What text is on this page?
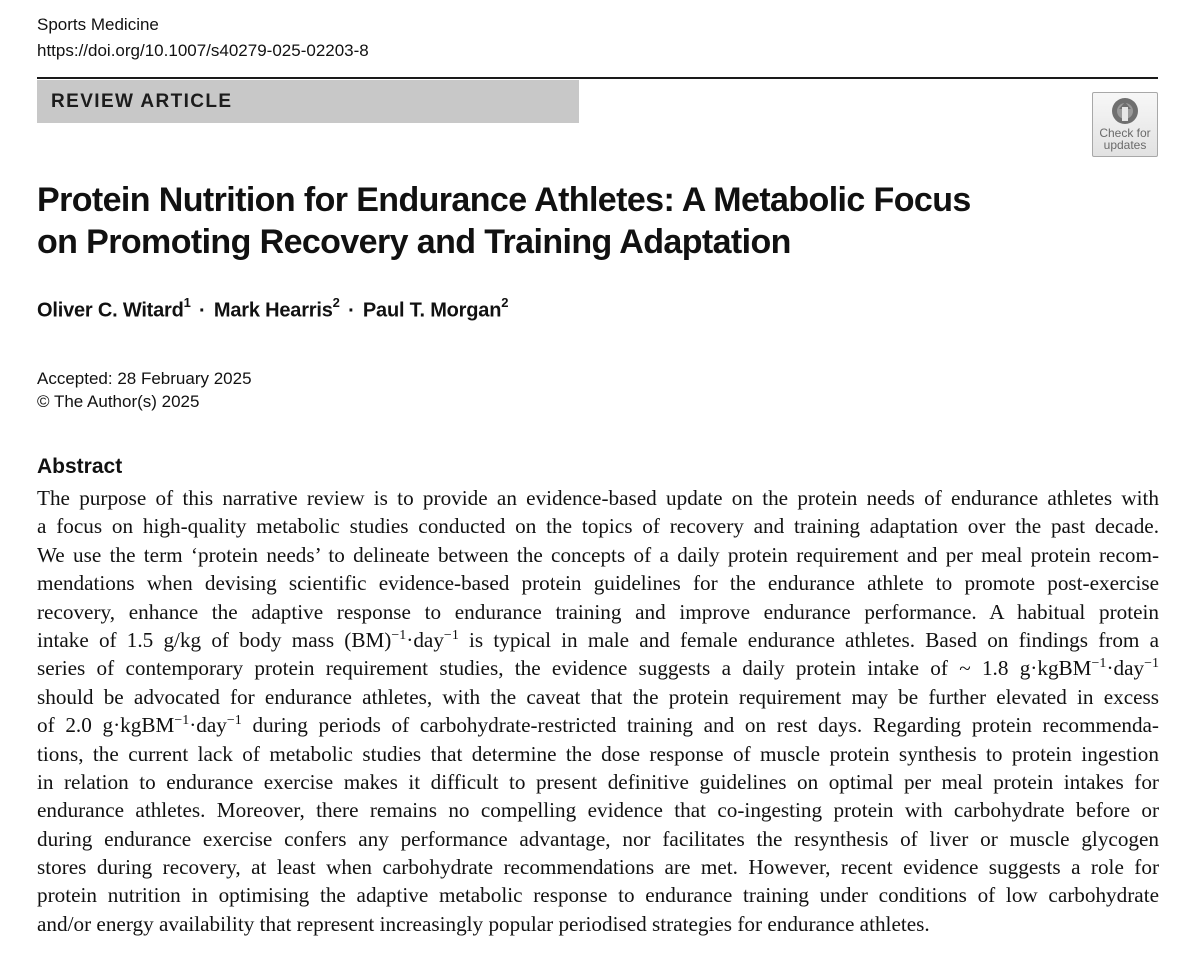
Sports Medicine
https://doi.org/10.1007/s40279-025-02203-8
REVIEW ARTICLE
Check for
updates
Protein Nutrition for Endurance Athletes: A Metabolic Focus
on Promoting Recovery and Training Adaptation
Oliver C. Witard$^1$ · Mark Hearris$^2$ · Paul T. Morgan$^2$
Accepted: 28 February 2025
© The Author(s) 2025
Abstract
The purpose of this narrative review is to provide an evidence-based update on the protein needs of endurance athletes with
a focus on high-quality metabolic studies conducted on the topics of recovery and training adaptation over the past decade.
We use the term ‘protein needs’ to delineate between the concepts of a daily protein requirement and per meal protein recom-
mendations when devising scientific evidence-based protein guidelines for the endurance athlete to promote post-exercise
recovery, enhance the adaptive response to endurance training and improve endurance performance. A habitual protein
intake of 1.5 g/kg of body mass (BM)$^{-1}$·day$^{-1}$ is typical in male and female endurance athletes. Based on findings from a
series of contemporary protein requirement studies, the evidence suggests a daily protein intake of ~ 1.8 g·kgBM$^{-1}$·day$^{-1}$
should be advocated for endurance athletes, with the caveat that the protein requirement may be further elevated in excess
of 2.0 g·kgBM$^{-1}$·day$^{-1}$ during periods of carbohydrate-restricted training and on rest days. Regarding protein recommenda-
tions, the current lack of metabolic studies that determine the dose response of muscle protein synthesis to protein ingestion
in relation to endurance exercise makes it difficult to present definitive guidelines on optimal per meal protein intakes for
endurance athletes. Moreover, there remains no compelling evidence that co-ingesting protein with carbohydrate before or
during endurance exercise confers any performance advantage, nor facilitates the resynthesis of liver or muscle glycogen
stores during recovery, at least when carbohydrate recommendations are met. However, recent evidence suggests a role for
protein nutrition in optimising the adaptive metabolic response to endurance training under conditions of low carbohydrate
and/or energy availability that represent increasingly popular periodised strategies for endurance athletes.
